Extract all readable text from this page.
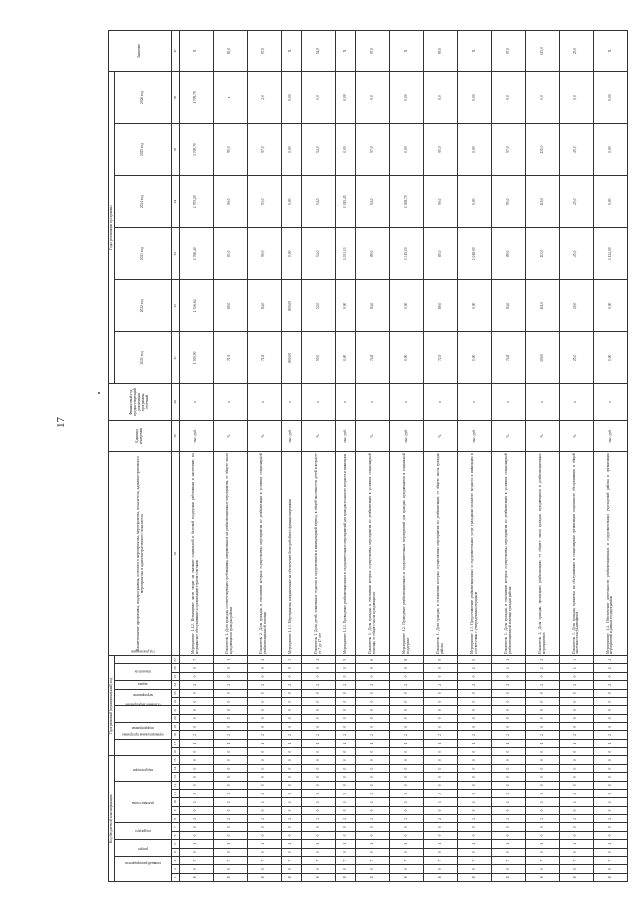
17
Код бюджетной классификации															Программный (муниципальный) код												Наименование программы, подпрограммы, основного мероприятия, мероприятия, показателя, административного мероприятия и административного показателя	Единица измерения	Финансовый год, предшествующий реализации программы, отчетный	Годы реализации программы						Значение
главный распорядитель			раздел		подраздел		целевая статья					вид расходов			муниципальная программа		подпрограмма		основное мероприятие		мероприятие		задача	показатель		год реализации				2021 год	2022 год	2023 год	2024 год	2025 год	2026 год	
1	2	3	4	5	6	7	8	9	10	11	12	13	14	15	16	17	18	19	20	21	22	23	24	25	26	27	28	29	30	31	32	33	34	35	36	37
8	0	7	0	1	0	0	2	0	1	3	0	0	0	0	0	1	2	0	0	0	0	0	2	0	0	7	Мероприятие 1.1.2. Возмещение части затрат на оказание социальной и бытовой поддержки работникам и населению, на медицинское обслуживание и организацию горячего питания	тыс. руб.	x	1 700,00	1 536,64	1 766,40	1 705,20	1 709,70	1 709,70	X
8	0	7	0	1	0	0	2	0	1	3	0	0	0	0	0	1	2	0	0	0	0	0	2	0	0	1	Показатель 1. Доля граждан, соответствующих требованиям, направленных на реабилитационные мероприятия, от общего числа нуждающихся граждан района	%	x	71,9	80,0	83,0	90,0	95,0	x	83,0
8	0	7	0	1	0	0	2	0	1	3	0	0	0	0	0	1	2	0	0	0	0	0	2	0	0	2	Показатель 2. Доля граждан, в отношении которых осуществлены мероприятия по реабилитации в условиях стационарной реабилитационной помощи	%	x	71,8	84,0	90,0	93,0	97,0	2,0	97,0
8	0	7	0	1	0	0	2	0	1	3	0	0	0	0	0	1	2	0	0	0	0	0	2	0	0	3	Мероприятие 1.1.3. Мероприятия, направленные на обеспечение бесперебойного функционирования	тыс. руб.	x	800,00	800,00	0,00	0,00	0,00	0,00	X
8	0	7	0	1	0	0	2	0	1	3	0	0	0	0	0	1	2	0	0	0	0	0	2	0	0	4	Показатель 1. Доля детей, охваченных отдыхом и оздоровлением в каникулярный период, в общей численности детей в возрасте от 7 до 17 лет	%	x	50,0	52,0	54,0	54,0	54,0	0,0	54,0
8	0	7	0	1	0	0	2	0	1	3	0	0	0	0	0	1	2	0	0	0	0	0	2	0	0	5	Мероприятие 1.1.1. Проведение реабилитационных и оздоровительных мероприятий для граждан пожилого возраста и инвалидов	тыс. руб.	x	0,00	0,00	1 033,13	1 015,45	0,00	0,00	X
8	0	7	0	1	0	0	2	0	1	3	0	0	0	0	0	1	2	0	0	0	0	0	2	0	0	6	Показатель 1. Доля граждан, в отношении которых осуществлены мероприятия по реабилитации в условиях стационарной помощи, от общего числа нуждающихся	%	x	74,8	84,0	89,0	94,0	97,0	0,0	97,0
8	0	7	0	1	0	0	2	0	1	3	0	0	0	0	0	1	2	0	0	0	0	0	2	0	0	8	Мероприятие 1.2. Проведение реабилитационных и оздоровительных мероприятий для граждан, нуждающихся в социальной поддержке	тыс. руб.	x	0,00	0,00	1 315,10	1 308,70	0,00	0,00	X
8	0	7	0	1	0	0	2	0	1	3	0	0	0	0	0	1	2	0	0	0	0	0	2	0	0	9	Показатель 1. Доля граждан, в отношении которых осуществлены мероприятия по реабилитации, от общего числа граждан района	%	x	72,9	80,0	85,0	90,0	95,0	0,0	95,0
8	0	7	0	1	0	0	2	0	1	3	0	0	0	0	0	1	2	0	0	0	0	0	2	0	1	0	Мероприятие 1.3. Предоставление реабилитационных и оздоровительных услуг гражданам пожилого возраста и инвалидам в соответствии с утвержденным порядком	тыс. руб.	x	0,00	0,00	1 018,00	0,00	0,00	0,00	X
8	0	7	0	1	0	0	2	0	1	3	0	0	0	0	0	1	2	0	0	0	0	0	2	0	1	1	Показатель 1. Доля граждан, в отношении которых осуществлены мероприятия по реабилитации в условиях стационарной реабилитационной помощи граждан района	%	x	74,8	84,0	89,0	95,0	97,0	0,0	97,0
8	0	7	0	1	0	0	2	0	1	3	0	0	0	0	0	1	2	0	0	0	0	0	2	0	1	2	Показатель 2. Доля граждан, прошедших реабилитацию, от общего числа граждан, нуждающихся в реабилитационных мероприятиях	%	x	100,0	111,0	113,0	115,0	115,0	0,0	115,0
8	0	7	0	1	0	0	2	0	1	3	0	0	0	0	0	1	2	0	0	0	0	0	2	0	1	3	Показатель 3. Доля граждан, принятых на обслуживание в стационарные организации социального обслуживания, в общей численности нуждающихся	%	x	25,0	20,0	25,0	25,0	25,0	0,0	25,0
8	0	7	0	1	0	0	2	0	1	3	0	0	0	0	0	1	2	0	0	0	0	0	2	0	1	4	Мероприятие 1.4. Обеспечение деятельности реабилитационных и оздоровительных учреждений района и организация мероприятий в рамках подпрограммы	тыс. руб.	x	0,00	0,00	1 124,00	0,00	0,00	0,00	X
